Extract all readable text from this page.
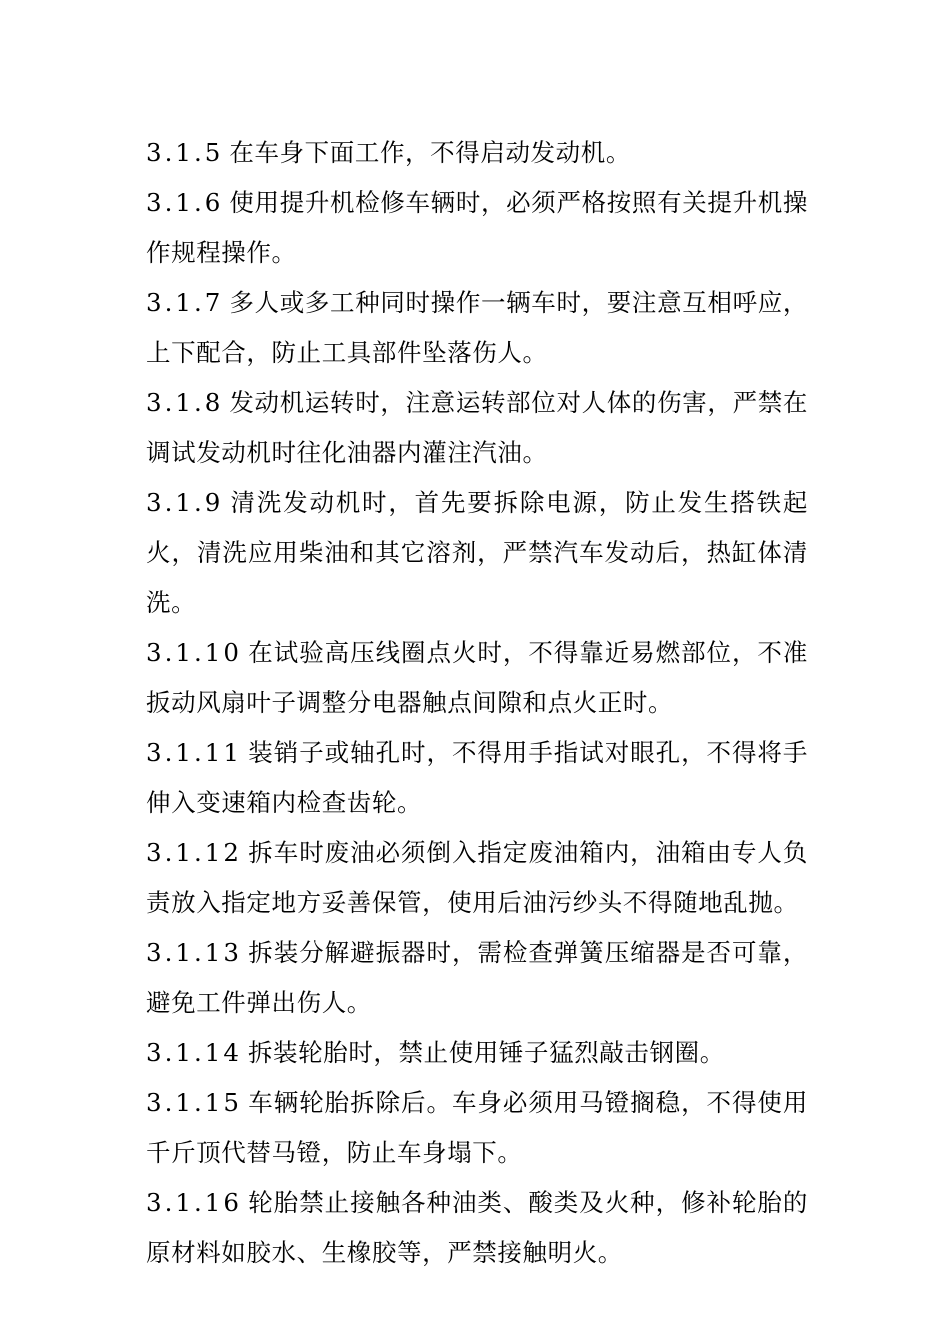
3.1.5 在车身下面工作，不得启动发动机。

3.1.6 使用提升机检修车辆时，必须严格按照有关提升机操作规程操作。

3.1.7 多人或多工种同时操作一辆车时，要注意互相呼应，上下配合，防止工具部件坠落伤人。

3.1.8 发动机运转时，注意运转部位对人体的伤害，严禁在调试发动机时往化油器内灌注汽油。

3.1.9 清洗发动机时，首先要拆除电源，防止发生搭铁起火，清洗应用柴油和其它溶剂，严禁汽车发动后，热缸体清洗。

3.1.10 在试验高压线圈点火时，不得靠近易燃部位，不准扳动风扇叶子调整分电器触点间隙和点火正时。

3.1.11 装销子或轴孔时，不得用手指试对眼孔，不得将手伸入变速箱内检查齿轮。

3.1.12 拆车时废油必须倒入指定废油箱内，油箱由专人负责放入指定地方妥善保管，使用后油污纱头不得随地乱抛。

3.1.13 拆装分解避振器时，需检查弹簧压缩器是否可靠，避免工件弹出伤人。

3.1.14 拆装轮胎时，禁止使用锤子猛烈敲击钢圈。

3.1.15 车辆轮胎拆除后。车身必须用马镫搁稳，不得使用千斤顶代替马镫，防止车身塌下。

3.1.16 轮胎禁止接触各种油类、酸类及火种，修补轮胎的原材料如胶水、生橡胶等，严禁接触明火。
